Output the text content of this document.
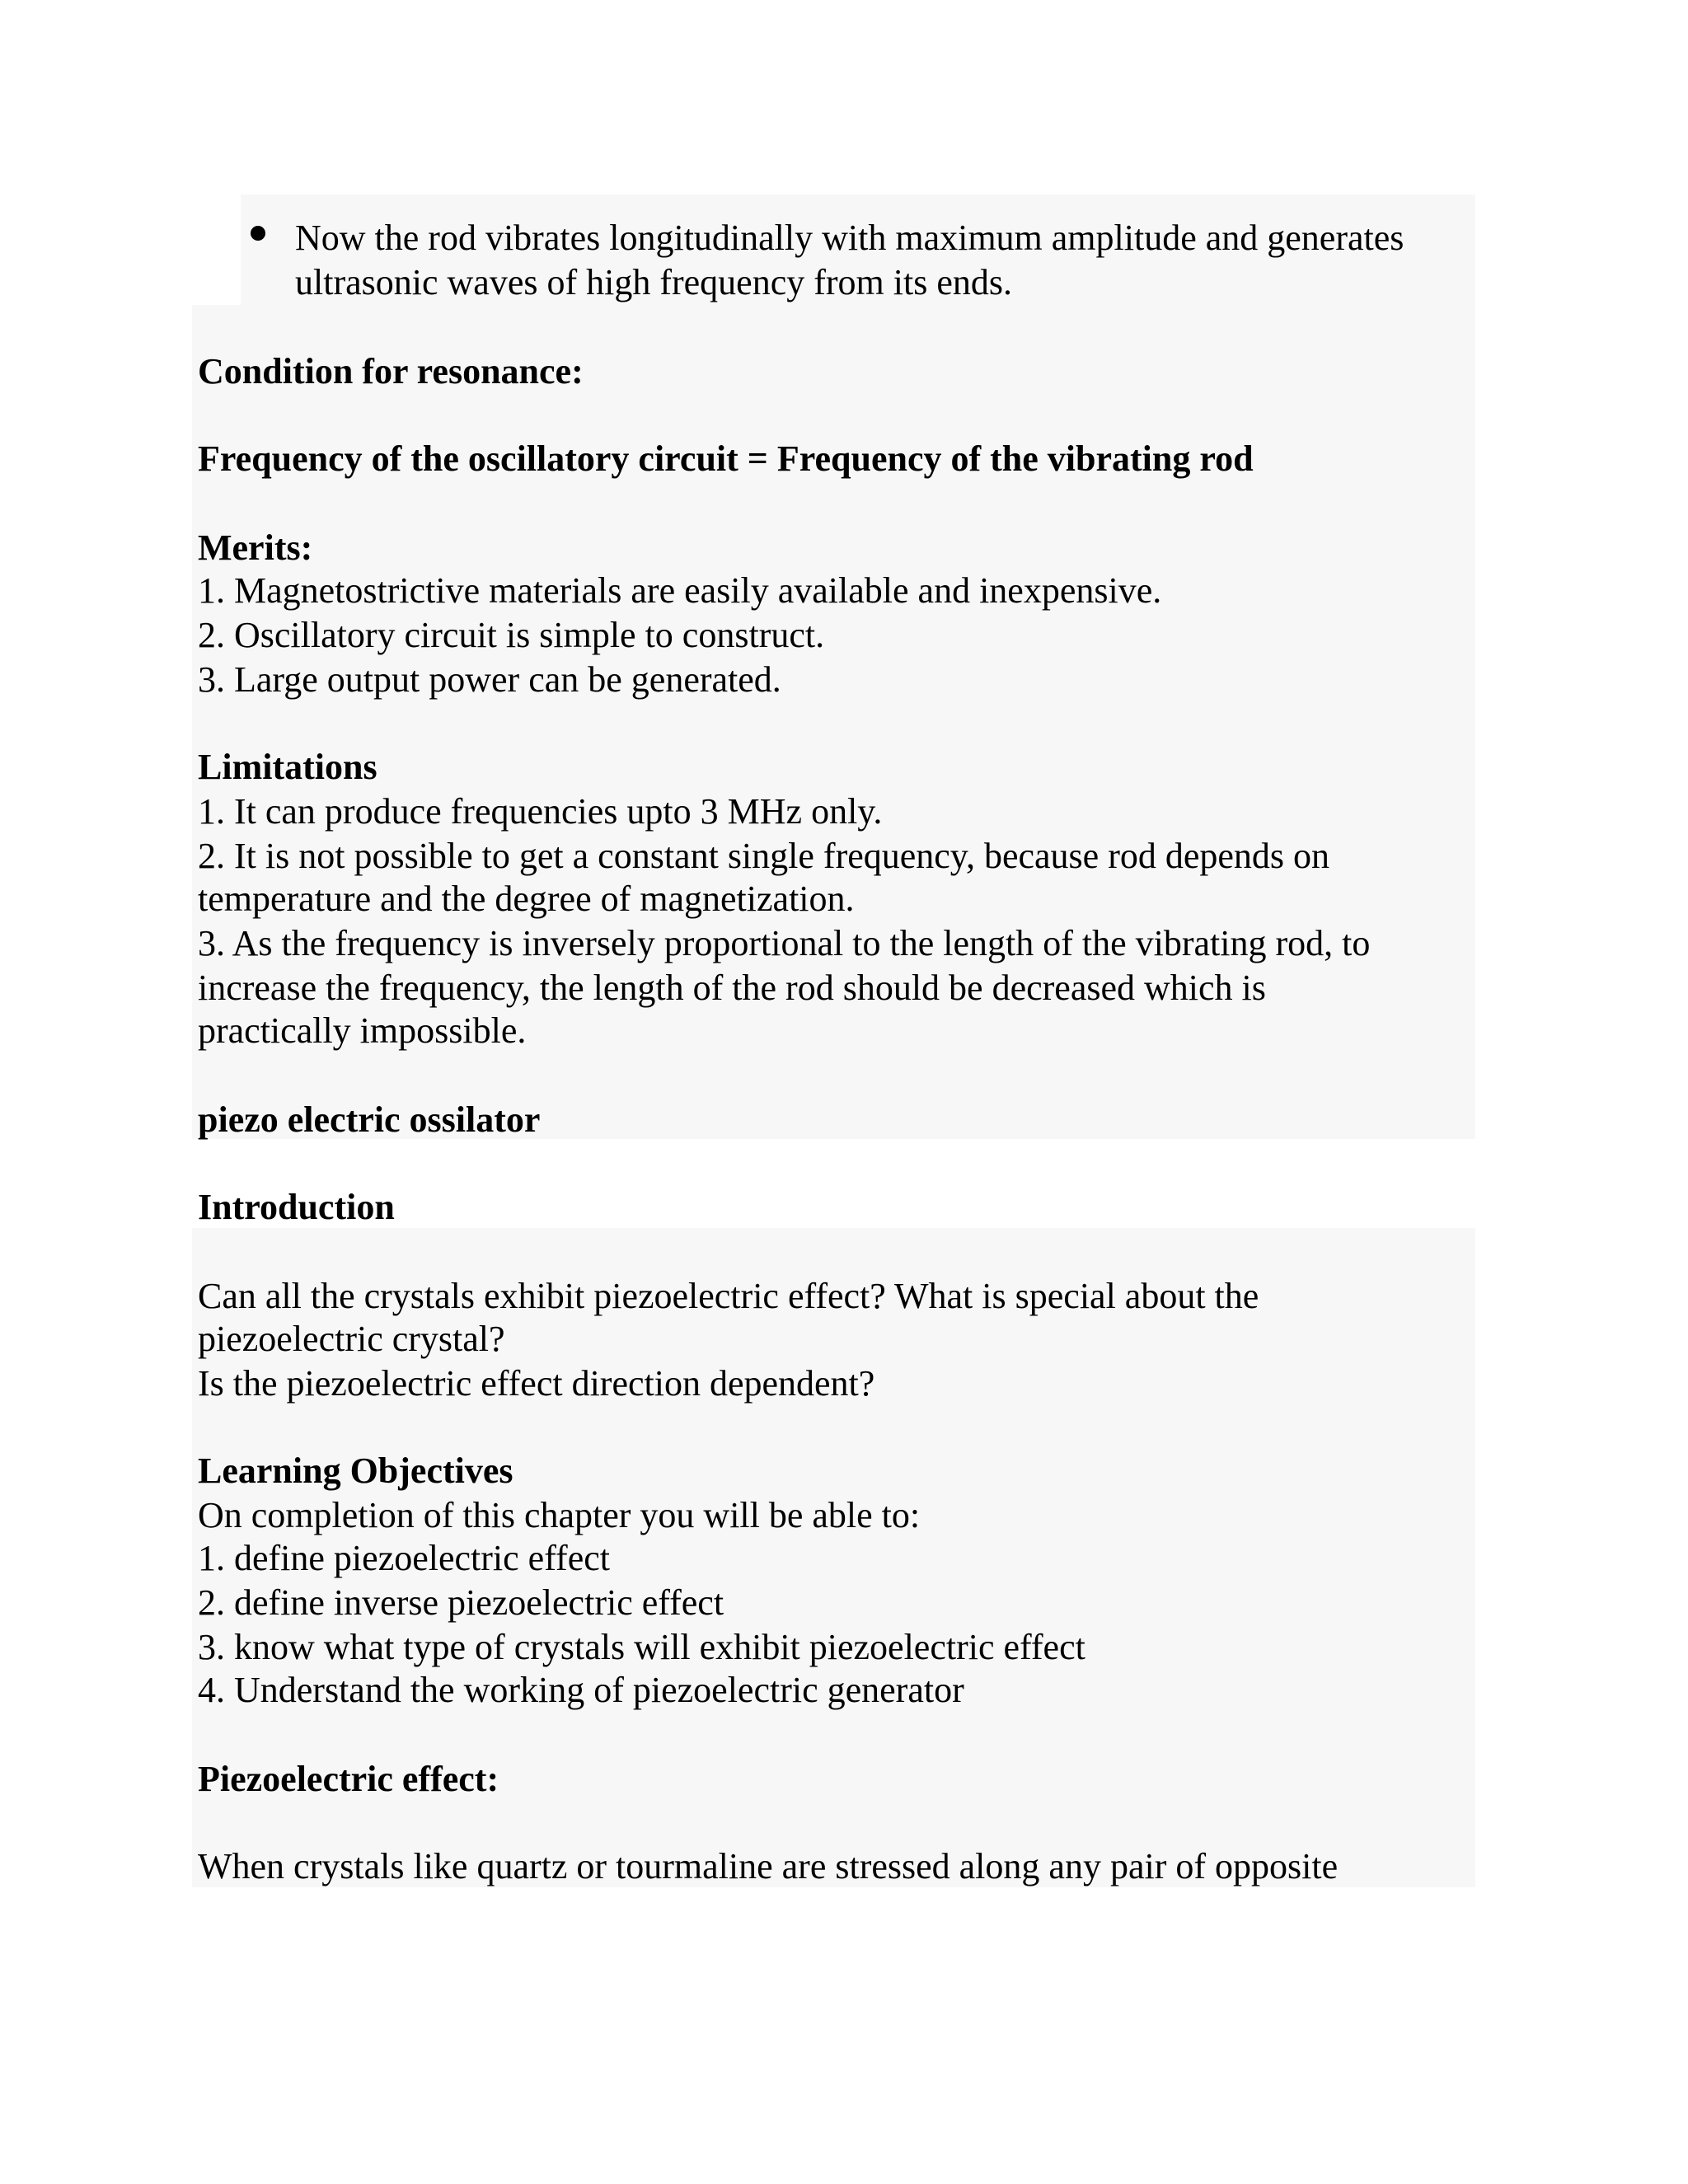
Now the rod vibrates longitudinally with maximum amplitude and generates
ultrasonic waves of high frequency from its ends.
Condition for resonance:
Frequency of the oscillatory circuit = Frequency of the vibrating rod
Merits:
1. Magnetostrictive materials are easily available and inexpensive.
2. Oscillatory circuit is simple to construct.
3. Large output power can be generated.
Limitations
1. It can produce frequencies upto 3 MHz only.
2. It is not possible to get a constant single frequency, because rod depends on
temperature and the degree of magnetization.
3. As the frequency is inversely proportional to the length of the vibrating rod, to
increase the frequency, the length of the rod should be decreased which is
practically impossible.
piezo electric ossilator
Introduction
Can all the crystals exhibit piezoelectric effect? What is special about the
piezoelectric crystal?
Is the piezoelectric effect direction dependent?
Learning Objectives
On completion of this chapter you will be able to:
1. define piezoelectric effect
2. define inverse piezoelectric effect
3. know what type of crystals will exhibit piezoelectric effect
4. Understand the working of piezoelectric generator
Piezoelectric effect:
When crystals like quartz or tourmaline are stressed along any pair of opposite
